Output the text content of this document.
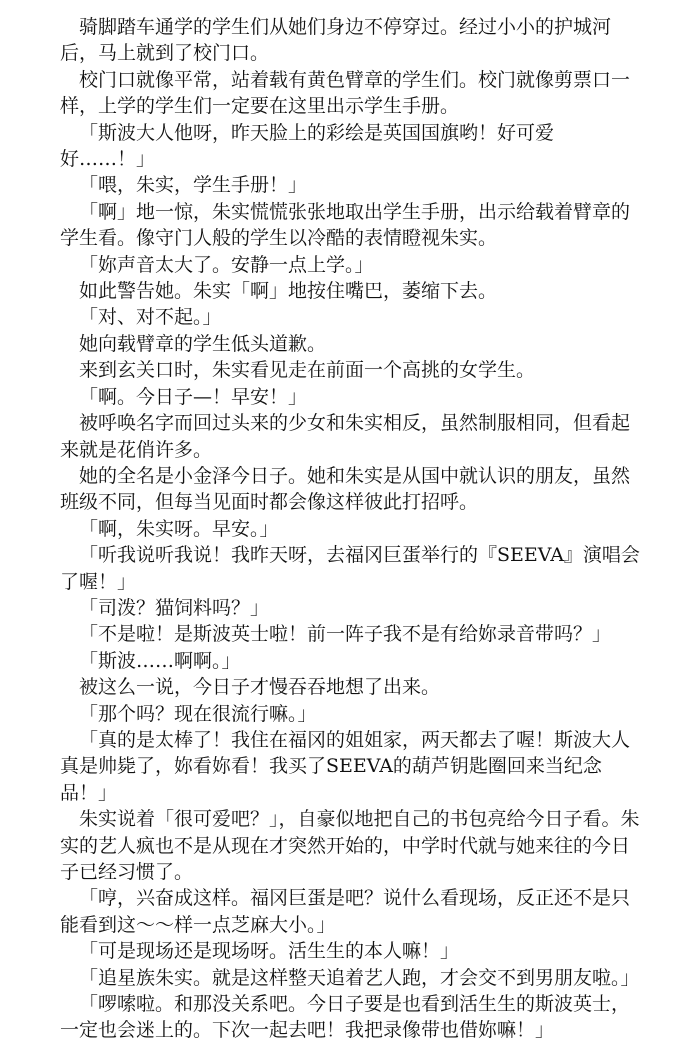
骑脚踏车通学的学生们从她们身边不停穿过。经过小小的护城河后，马上就到了校门口。

校门口就像平常，站着载有黄色臂章的学生们。校门就像剪票口一样，上学的学生们一定要在这里出示学生手册。

「斯波大人他呀，昨天脸上的彩绘是英国国旗哟！好可爱
好……！」

「喂，朱实，学生手册！」

「啊」地一惊，朱实慌慌张张地取出学生手册，出示给载着臂章的学生看。像守门人般的学生以冷酷的表情瞪视朱实。

「妳声音太大了。安静一点上学。」

如此警告她。朱实「啊」地按住嘴巴，萎缩下去。

「对、对不起。」

她向载臂章的学生低头道歉。

来到玄关口时，朱实看见走在前面一个高挑的女学生。

「啊。今日子—！早安！」

被呼唤名字而回过头来的少女和朱实相反，虽然制服相同，但看起来就是花俏许多。

她的全名是小金泽今日子。她和朱实是从国中就认识的朋友，虽然班级不同，但每当见面时都会像这样彼此打招呼。

「啊，朱实呀。早安。」

「听我说听我说！我昨天呀，去福冈巨蛋举行的『SEEVA』演唱会了喔！」

「司泼？猫饲料吗？」

「不是啦！是斯波英士啦！前一阵子我不是有给妳录音带吗？」

「斯波……啊啊。」

被这么一说，今日子才慢吞吞地想了出来。

「那个吗？现在很流行嘛。」

「真的是太棒了！我住在福冈的姐姐家，两天都去了喔！斯波大人真是帅毙了，妳看妳看！我买了SEEVA的葫芦钥匙圈回来当纪念品！」

朱实说着「很可爱吧？」，自豪似地把自己的书包亮给今日子看。朱实的艺人疯也不是从现在才突然开始的，中学时代就与她来往的今日子已经习惯了。

「哼，兴奋成这样。福冈巨蛋是吧？说什么看现场，反正还不是只能看到这～～样一点芝麻大小。」

「可是现场还是现场呀。活生生的本人嘛！」

「追星族朱实。就是这样整天追着艺人跑，才会交不到男朋友啦。」

「啰嗦啦。和那没关系吧。今日子要是也看到活生生的斯波英士，一定也会迷上的。下次一起去吧！我把录像带也借妳嘛！」
